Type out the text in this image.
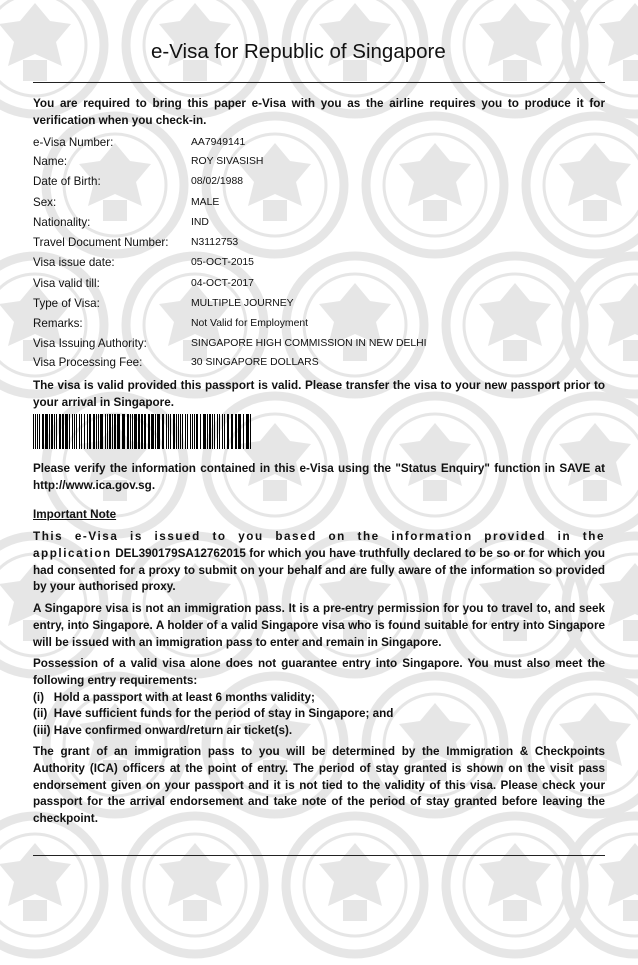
e-Visa for Republic of Singapore
You are required to bring this paper e-Visa with you as the airline requires you to produce it for verification when you check-in.
e-Visa Number:	AA7949141
Name:	ROY SIVASISH
Date of Birth:	08/02/1988
Sex:	MALE
Nationality:	IND
Travel Document Number: N3112753
Visa issue date:	05-OCT-2015
Visa valid till:	04-OCT-2017
Type of Visa:	MULTIPLE JOURNEY
Remarks:	Not Valid for Employment
Visa Issuing Authority:	SINGAPORE HIGH COMMISSION IN NEW DELHI
Visa Processing Fee:	30 SINGAPORE DOLLARS
The visa is valid provided this passport is valid. Please transfer the visa to your new passport prior to your arrival in Singapore.
Please verify the information contained in this e-Visa using the "Status Enquiry" function in SAVE at http://www.ica.gov.sg.
Important Note
This e-Visa is issued to you based on the information provided in the application DEL390179SA12762015 for which you have truthfully declared to be so or for which you had consented for a proxy to submit on your behalf and are fully aware of the information so provided by your authorised proxy.
A Singapore visa is not an immigration pass. It is a pre-entry permission for you to travel to, and seek entry, into Singapore. A holder of a valid Singapore visa who is found suitable for entry into Singapore will be issued with an immigration pass to enter and remain in Singapore.
Possession of a valid visa alone does not guarantee entry into Singapore. You must also meet the following entry requirements:
(i)   Hold a passport with at least 6 months validity;
(ii)  Have sufficient funds for the period of stay in Singapore; and
(iii) Have confirmed onward/return air ticket(s).
The grant of an immigration pass to you will be determined by the Immigration & Checkpoints Authority (ICA) officers at the point of entry. The period of stay granted is shown on the visit pass endorsement given on your passport and it is not tied to the validity of this visa. Please check your passport for the arrival endorsement and take note of the period of stay granted before leaving the checkpoint.
